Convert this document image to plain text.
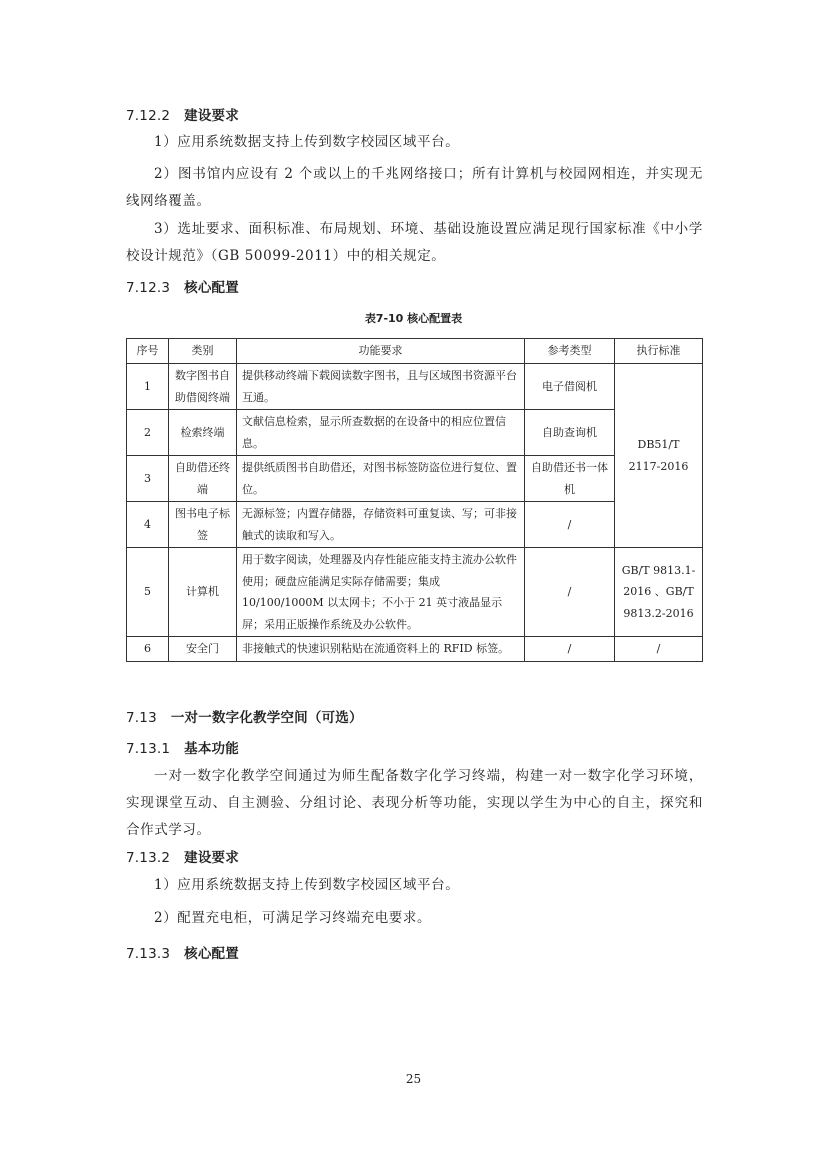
7.12.2 建设要求
1）应用系统数据支持上传到数字校园区域平台。
2）图书馆内应设有 2 个或以上的千兆网络接口；所有计算机与校园网相连，并实现无线网络覆盖。
3）选址要求、面积标准、布局规划、环境、基础设施设置应满足现行国家标准《中小学校设计规范》（GB 50099-2011）中的相关规定。
7.12.3 核心配置
表7-10 核心配置表
序号	类别	功能要求	参考类型	执行标准
1	数字图书自助借阅终端	提供移动终端下载阅读数字图书，且与区域图书资源平台互通。	电子借阅机	DB51/T 2117-2016
2	检索终端	文献信息检索，显示所查数据的在设备中的相应位置信息。	自助查询机	
3	自助借还终端	提供纸质图书自助借还，对图书标签防盗位进行复位、置位。	自助借还书一体机	
4	图书电子标签	无源标签；内置存储器，存储资料可重复读、写；可非接触式的读取和写入。	/	
5	计算机	用于数字阅读，处理器及内存性能应能支持主流办公软件使用；硬盘应能满足实际存储需要；集成10/100/1000M 以太网卡；不小于 21 英寸液晶显示屏；采用正版操作系统及办公软件。	/	GB/T 9813.1-2016 、GB/T 9813.2-2016
6	安全门	非接触式的快速识别粘贴在流通资料上的 RFID 标签。	/	/
7.13 一对一数字化教学空间（可选）
7.13.1 基本功能
一对一数字化教学空间通过为师生配备数字化学习终端，构建一对一数字化学习环境，实现课堂互动、自主测验、分组讨论、表现分析等功能，实现以学生为中心的自主，探究和合作式学习。
7.13.2 建设要求
1）应用系统数据支持上传到数字校园区域平台。
2）配置充电柜，可满足学习终端充电要求。
7.13.3 核心配置
25
